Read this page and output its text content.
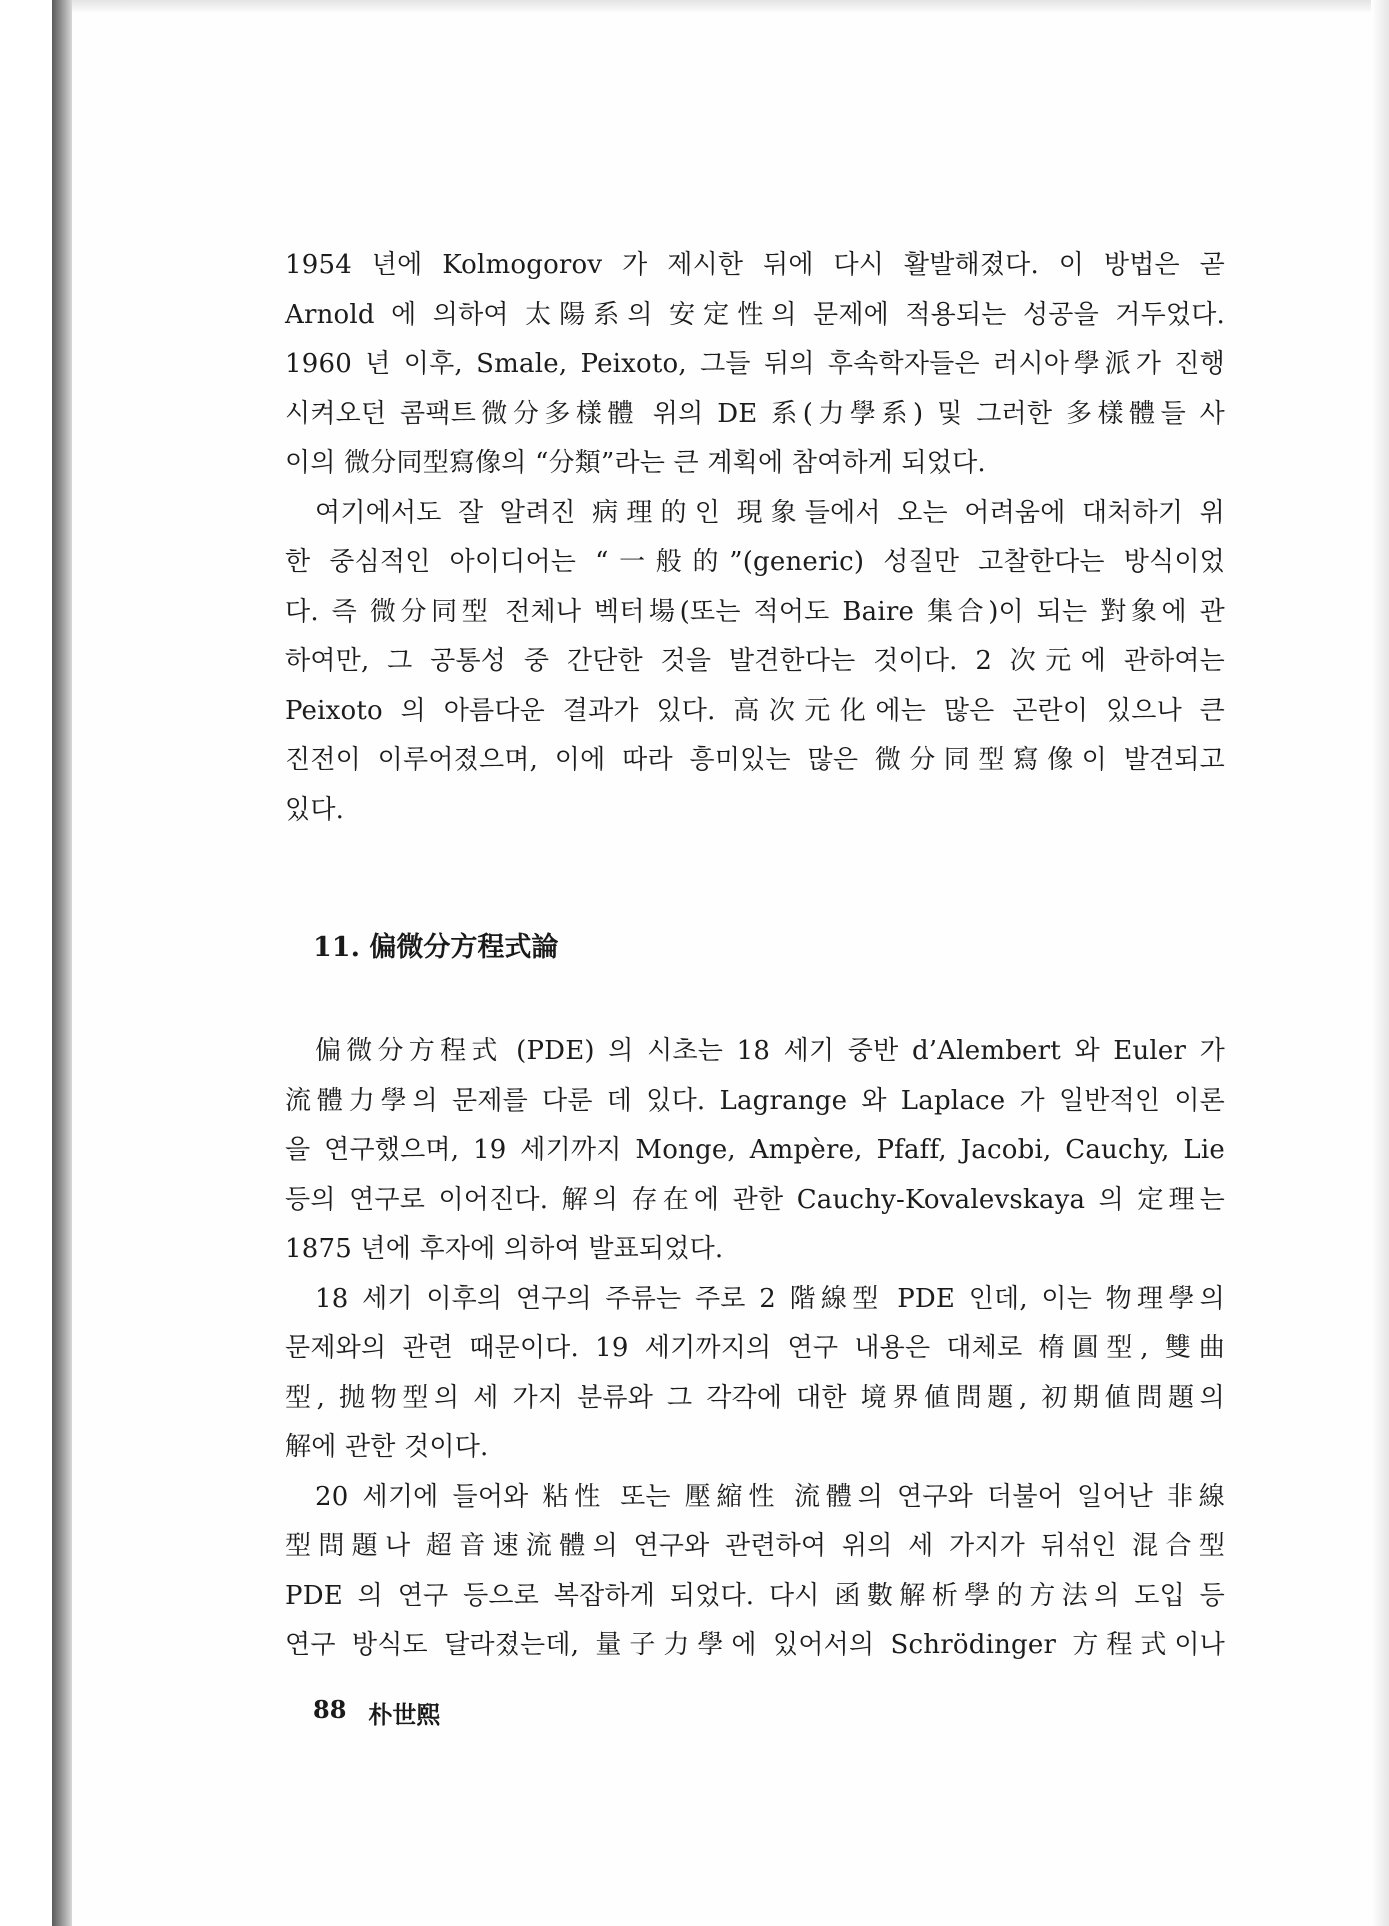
1954 년에 Kolmogorov 가 제시한 뒤에 다시 활발해졌다. 이 방법은 곧
Arnold 에 의하여 太陽系의 安定性의 문제에 적용되는 성공을 거두었다.
1960 년 이후, Smale, Peixoto, 그들 뒤의 후속학자들은 러시아學派가 진행
시켜오던 콤팩트微分多樣體 위의 DE 系(力學系) 및 그러한 多樣體들 사
이의 微分同型寫像의 “分類”라는 큰 계획에 참여하게 되었다.
여기에서도 잘 알려진 病理的인 現象들에서 오는 어려움에 대처하기 위
한 중심적인 아이디어는 “一般的”(generic) 성질만 고찰한다는 방식이었
다. 즉 微分同型 전체나 벡터場(또는 적어도 Baire 集合)이 되는 對象에 관
하여만, 그 공통성 중 간단한 것을 발견한다는 것이다. 2 次元에 관하여는
Peixoto 의 아름다운 결과가 있다. 高次元化에는 많은 곤란이 있으나 큰
진전이 이루어졌으며, 이에 따라 흥미있는 많은 微分同型寫像이 발견되고
있다.
11. 偏微分方程式論
偏微分方程式 (PDE) 의 시초는 18 세기 중반 d’Alembert 와 Euler 가
流體力學의 문제를 다룬 데 있다. Lagrange 와 Laplace 가 일반적인 이론
을 연구했으며, 19 세기까지 Monge, Ampère, Pfaff, Jacobi, Cauchy, Lie
등의 연구로 이어진다. 解의 存在에 관한 Cauchy-Kovalevskaya 의 定理는
1875 년에 후자에 의하여 발표되었다.
18 세기 이후의 연구의 주류는 주로 2 階線型 PDE 인데, 이는 物理學의
문제와의 관련 때문이다. 19 세기까지의 연구 내용은 대체로 楕圓型, 雙曲
型, 抛物型의 세 가지 분류와 그 각각에 대한 境界値問題, 初期値問題의
解에 관한 것이다.
20 세기에 들어와 粘性 또는 壓縮性 流體의 연구와 더불어 일어난 非線
型問題나 超音速流體의 연구와 관련하여 위의 세 가지가 뒤섞인 混合型
PDE 의 연구 등으로 복잡하게 되었다. 다시 函數解析學的方法의 도입 등
연구 방식도 달라졌는데, 量子力學에 있어서의 Schrödinger 方程式이나
88 朴世熙
